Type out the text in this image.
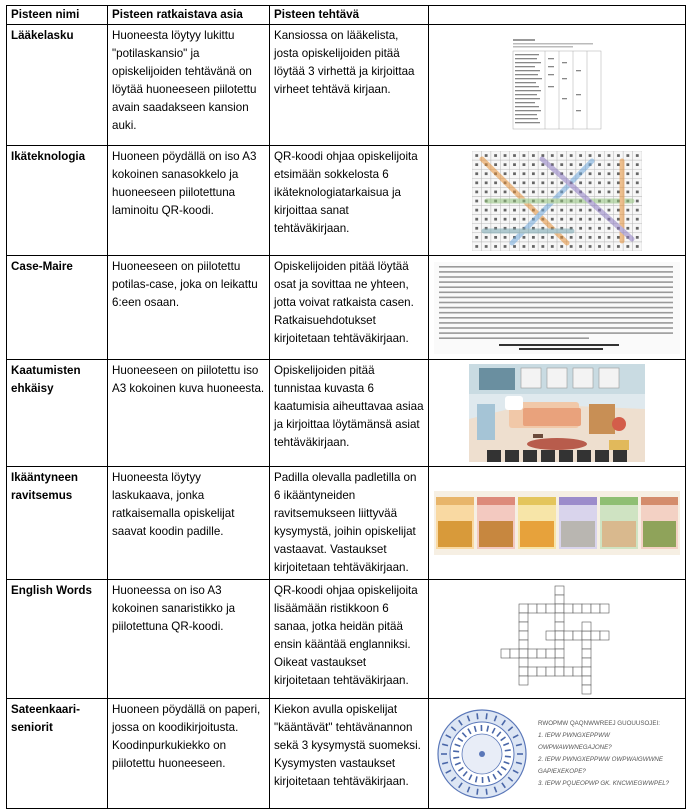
Pisteen nimi	Pisteen ratkaistava asia	Pisteen tehtävä	
Lääkelasku	Huoneesta löytyy lukittu "potilaskansio" ja opiskelijoiden tehtävänä on löytää huoneeseen piilotettu avain saadakseen kansion auki.	Kansiossa on lääkelista, josta opiskelijoiden pitää löytää 3 virhettä ja kirjoittaa virheet tehtävä kirjaan.	

Ikäteknologia	Huoneen pöydällä on iso A3 kokoinen sanasokkelo ja huoneeseen piilotettuna laminoitu QR-koodi.	QR-koodi ohjaa opiskelijoita etsimään sokkelosta 6 ikäteknologiatarkaisua ja kirjoittaa sanat tehtäväkirjaan.	

Case-Maire	Huoneeseen on piilotettu potilas-case, joka on leikattu 6:een osaan.	Opiskelijoiden pitää löytää osat ja sovittaa ne yhteen, jotta voivat ratkaista casen. Ratkaisuehdotukset kirjoitetaan tehtäväkirjaan.	

Kaatumisten ehkäisy	Huoneeseen on piilotettu iso A3 kokoinen kuva huoneesta.	Opiskelijoiden pitää tunnistaa kuvasta 6 kaatumisia aiheuttavaa asiaa ja kirjoittaa löytämänsä asiat tehtäväkirjaan.	

Ikääntyneen ravitsemus	Huoneesta löytyy laskukaava, jonka ratkaisemalla opiskelijat saavat koodin padille.	Padilla olevalla padletilla on 6 ikääntyneiden ravitsemukseen liittyvää kysymystä, joihin opiskelijat vastaavat. Vastaukset kirjoitetaan tehtäväkirjaan.	

English Words	Huoneessa on iso A3 kokoinen sanaristikko ja piilotettuna QR-koodi.	QR-koodi ohjaa opiskelijoita lisäämään ristikkoon 6 sanaa, jotka heidän pitää ensin kääntää englanniksi. Oikeat vastaukset kirjoitetaan tehtäväkirjaan.	

Sateenkaari-seniorit	Huoneen pöydällä on paperi, jossa on koodikirjoitusta. Koodinpurkukiekko on piilotettu huoneeseen.	Kiekon avulla opiskelijat "kääntävät" tehtävänannon sekä 3 kysymystä suomeksi. Kysymysten vastaukset kirjoitetaan tehtäväkirjaan.	RWOPMW QAQNWWREEJ GUOUUSOJEI:
1. IEPW PWNGXEPPWW OWPWAWWNEGAJONE?
2. IEPW PWNGXEPPWW OWPWAIGWWNE GAPIEXEKOPE?
3. IEPW PQUEOPWP GK. KNCWIEGWWPEL?
